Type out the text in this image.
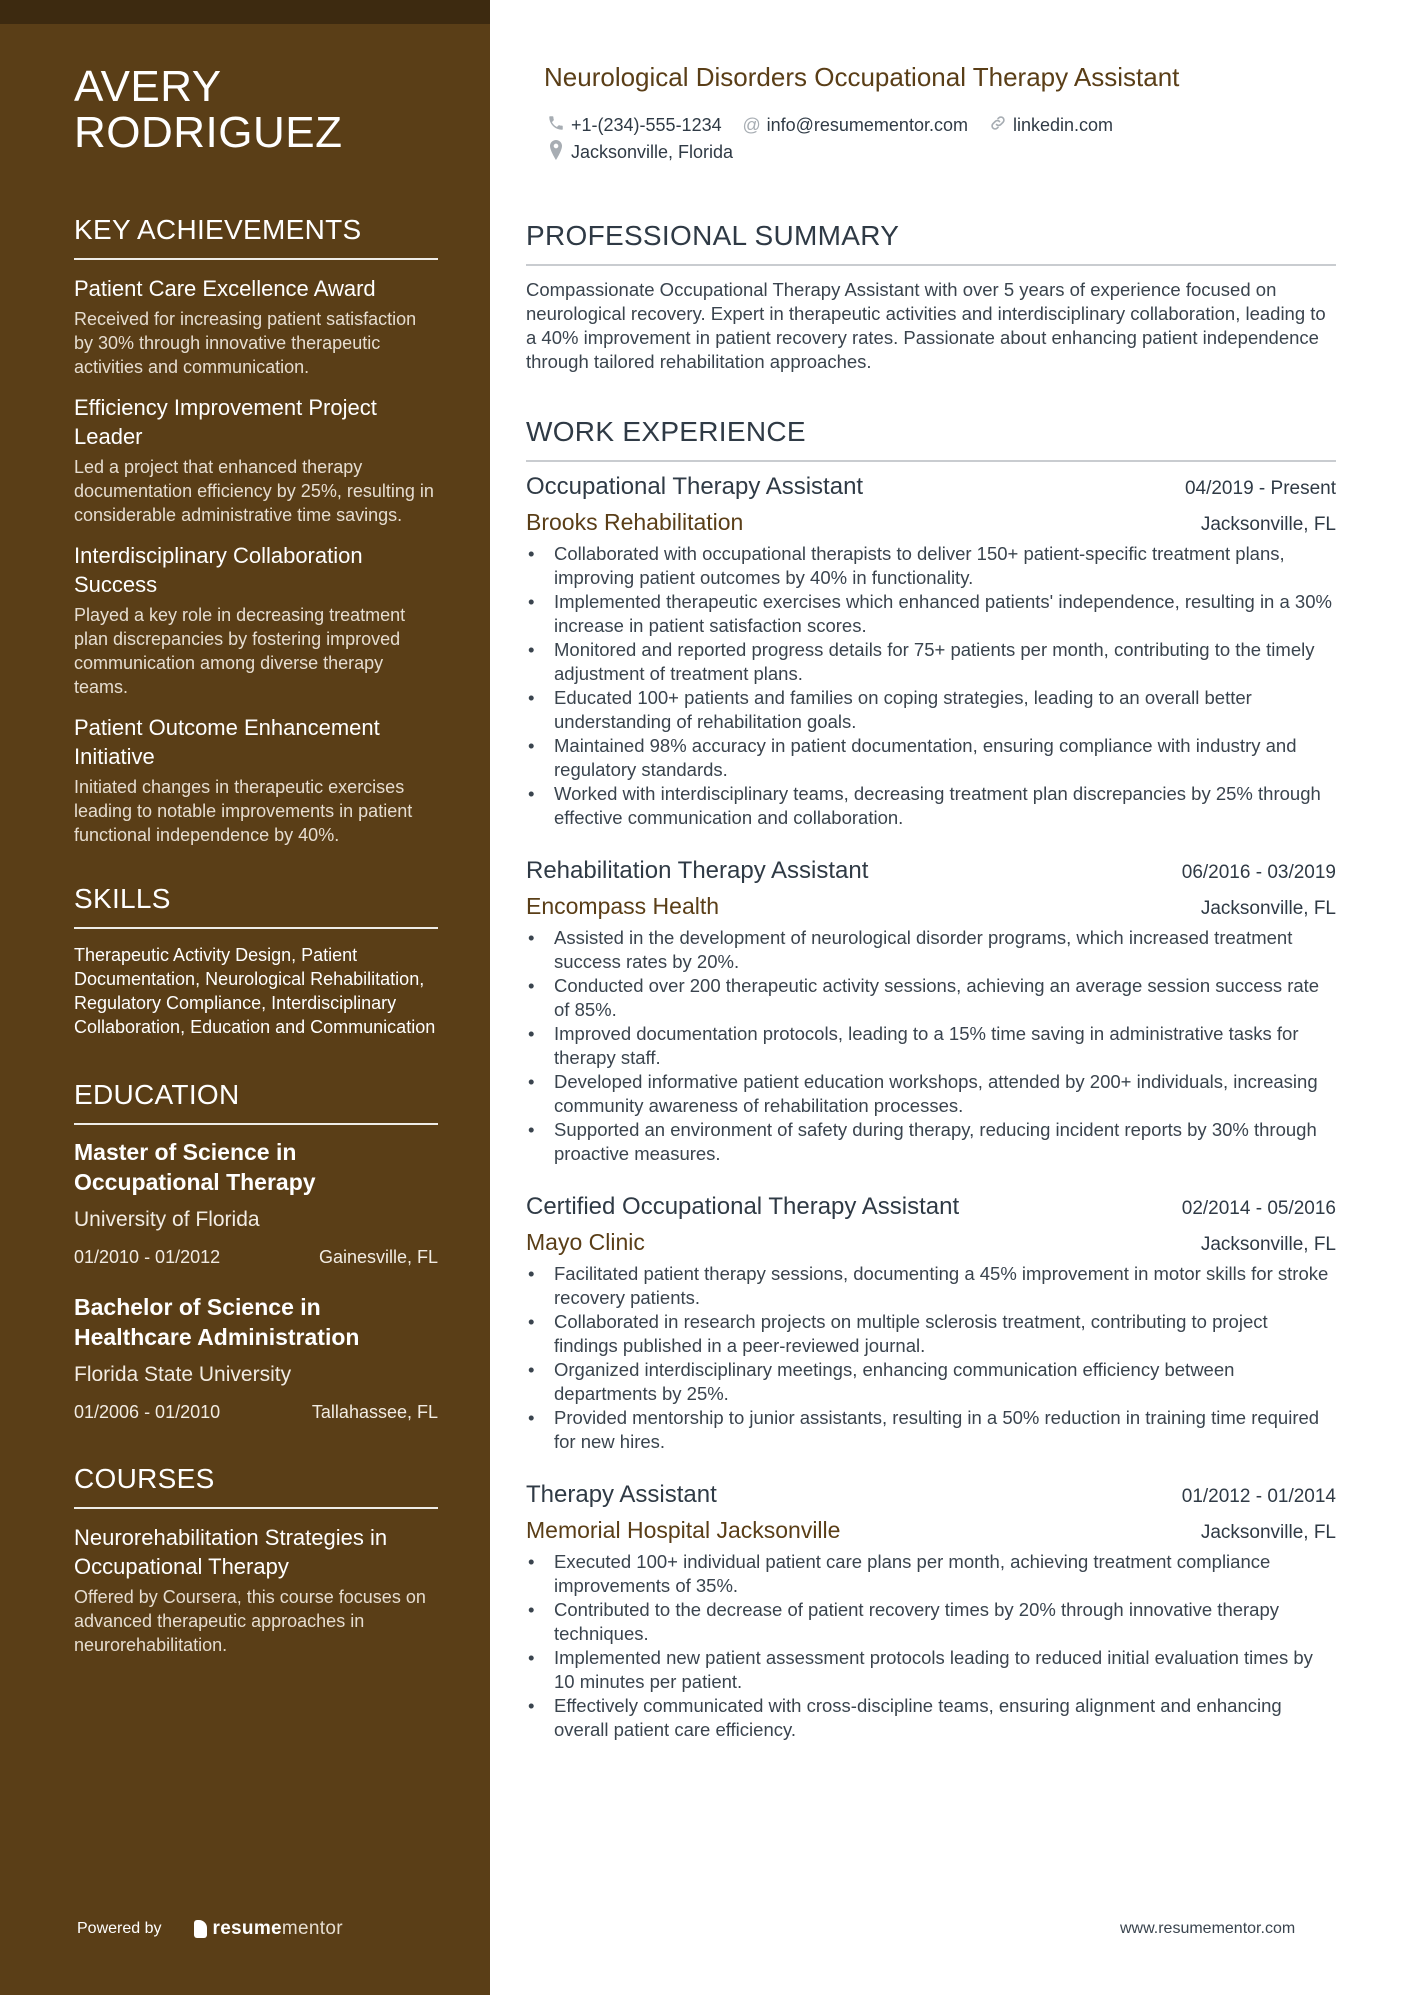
AVERY
RODRIGUEZ
KEY ACHIEVEMENTS

Patient Care Excellence Award

Received for increasing patient satisfaction by 30% through innovative therapeutic activities and communication.

Efficiency Improvement Project Leader

Led a project that enhanced therapy documentation efficiency by 25%, resulting in considerable administrative time savings.

Interdisciplinary Collaboration Success

Played a key role in decreasing treatment plan discrepancies by fostering improved communication among diverse therapy teams.

Patient Outcome Enhancement Initiative

Initiated changes in therapeutic exercises leading to notable improvements in patient functional independence by 40%.

SKILLS

Therapeutic Activity Design, Patient Documentation, Neurological Rehabilitation, Regulatory Compliance, Interdisciplinary Collaboration, Education and Communication

EDUCATION

Master of Science in Occupational Therapy

University of Florida

01/2010 - 01/2012	Gainesville, FL

Bachelor of Science in Healthcare Administration

Florida State University

01/2006 - 01/2010	Tallahassee, FL
COURSES

Neurorehabilitation Strategies in Occupational Therapy

Offered by Coursera, this course focuses on advanced therapeutic approaches in neurorehabilitation.

Powered by	resume mentor
Neurological Disorders Occupational Therapy Assistant
+1-(234)-555-1234 @ info@resumementor.com	linkedin.com
Jacksonville, Florida
PROFESSIONAL SUMMARY

Compassionate Occupational Therapy Assistant with over 5 years of experience focused on neurological recovery. Expert in therapeutic activities and interdisciplinary collaboration, leading to a 40% improvement in patient recovery rates. Passionate about enhancing patient independence through tailored rehabilitation approaches.

WORK EXPERIENCE
Occupational Therapy Assistant	04/2019 - Present
Brooks Rehabilitation	Jacksonville, FL
• Collaborated with occupational therapists to deliver 150+ patient-specific treatment plans, improving patient outcomes by 40% in functionality.
• Implemented therapeutic exercises which enhanced patients' independence, resulting in a 30% increase in patient satisfaction scores.
• Monitored and reported progress details for 75+ patients per month, contributing to the timely adjustment of treatment plans.
• Educated 100+ patients and families on coping strategies, leading to an overall better understanding of rehabilitation goals.
• Maintained 98% accuracy in patient documentation, ensuring compliance with industry and regulatory standards.
• Worked with interdisciplinary teams, decreasing treatment plan discrepancies by 25% through effective communication and collaboration.
Rehabilitation Therapy Assistant	06/2016 - 03/2019
Encompass Health	Jacksonville, FL
• Assisted in the development of neurological disorder programs, which increased treatment success rates by 20%.
• Conducted over 200 therapeutic activity sessions, achieving an average session success rate of 85%.
• Improved documentation protocols, leading to a 15% time saving in administrative tasks for therapy staff.
• Developed informative patient education workshops, attended by 200+ individuals, increasing community awareness of rehabilitation processes.
• Supported an environment of safety during therapy, reducing incident reports by 30% through proactive measures.
Certified Occupational Therapy Assistant	02/2014 - 05/2016
Mayo Clinic	Jacksonville, FL
• Facilitated patient therapy sessions, documenting a 45% improvement in motor skills for stroke recovery patients.
• Collaborated in research projects on multiple sclerosis treatment, contributing to project findings published in a peer-reviewed journal.
• Organized interdisciplinary meetings, enhancing communication efficiency between departments by 25%.
• Provided mentorship to junior assistants, resulting in a 50% reduction in training time required for new hires.
Therapy Assistant	01/2012 - 01/2014
Memorial Hospital Jacksonville	Jacksonville, FL
• Executed 100+ individual patient care plans per month, achieving treatment compliance improvements of 35%.
• Contributed to the decrease of patient recovery times by 20% through innovative therapy techniques.
• Implemented new patient assessment protocols leading to reduced initial evaluation times by 10 minutes per patient.
• Effectively communicated with cross-discipline teams, ensuring alignment and enhancing overall patient care efficiency.
www.resumementor.com
